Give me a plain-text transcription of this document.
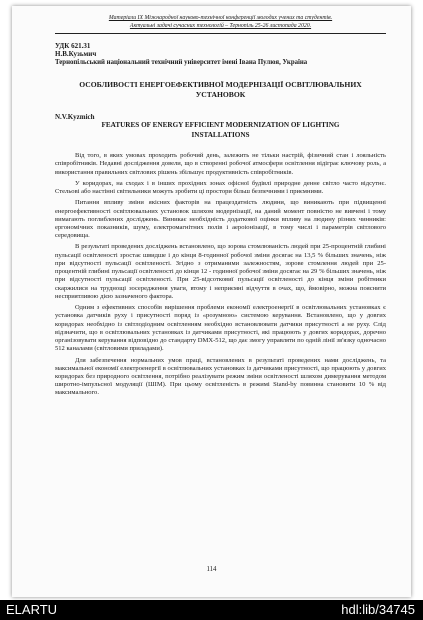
Матеріали IX Міжнародної науково-технічної конференції молодих учених та студентів.
Актуальні задачі сучасних технологій – Тернопіль 25-26 листопада 2020.
УДК 621.31
Н.В.Кузьмич
Тернопільський національний технічний університет імені Івана Пулюя, Україна
ОСОБЛИВОСТІ ЕНЕРГОЕФЕКТИВНОЇ МОДЕРНІЗАЦІЇ ОСВІТЛЮВАЛЬНИХ УСТАНОВОК
N.V.Kyzmich
FEATURES OF ENERGY EFFICIENT MODERNIZATION OF LIGHTING INSTALLATIONS

Від того, в яких умовах проходить робочий день, залежить не тільки настрій, фізичний стан і лояльність співробітників. Недавні дослідження довели, що в створенні робочої атмосфери освітлення відіграє ключову роль, а використання правильних світлових рішень збільшує продуктивність співробітників.

У коридорах, на сходах і в інших прохідних зонах офісної будівлі природне денне світло часто відсутнє. Стельові або настінні світильники можуть зробити ці простори більш безпечними і приємними.

Питання впливу зміни якісних факторів на працездатність людини, що виникають при підвищенні енергоефективності освітлювальних установок шляхом модернізації, на даний момент повністю не вивчені і тому вимагають поглиблених досліджень. Виникає необхідність додаткової оцінки впливу на людину різних чинників: ергономічних показників, шуму, електромагнітних полів і аероіонізації, в тому числі і параметрів світлового середовища.

В результаті проведених досліджень встановлено, що зорова стомлюваність людей при 25-процентній глибині пульсації освітленості зростає швидше і до кінця 8-годинної робочої зміни досягає на 13,5 % більших значень, ніж при відсутності пульсації освітленості. Згідно з отриманими залежностям, зорове стомлення людей при 25-процентній глибині пульсації освітленості до кінця 12 - годинної робочої зміни досягає на 29 % більших значень, ніж при відсутності пульсації освітленості. При 25-відсотковиї пульсації освітленості до кінця зміни робітники скаржилися на труднощі зосередження уваги, втому і неприємні відчуття в очах, що, ймовірно, можна пояснити несприятливою дією зазначеного фактора.

Одним з ефективних способів вирішення проблеми економії електроенергії в освітлювальних установках є установка датчиків руху і присутності поряд із «розумною» системою керування. Встановлено, що у довгих коридорах необхідно із світлодіодним освітленням необхідно встановлювати датчики присутності а не руху. Слід відзначити, що в освітлювальних установках із датчиками присутності, які працюють у довгих коридорах, доречно організовувати керування відповідно до стандарту DMX-512, що дає змогу управляти по одній лінії зв'язку одночасно 512 каналами (світловими приладами).

Для забезпечення нормальних умов праці, встановлених в результаті проведених нами досліджень, та максимальної економії електроенергії в освітлювальних установках із датчиками присутності, що працюють у довгих коридорах без природного освітлення, потрібно реалізувати режим зміни освітленості шляхом димерування методом широтно-імпульсної модуляції (ШІМ). При цьому освітленість в режимі Stand-by повинна становити 10 % від максимального.

114
ELARTU	hdl:lib/34745
